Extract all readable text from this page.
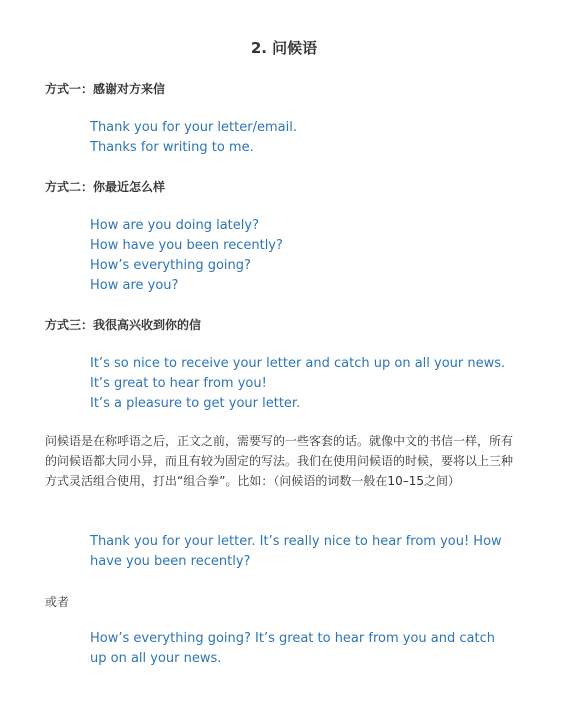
2. 问候语
方式一：感谢对方来信
Thank you for your letter/email.
Thanks for writing to me.
方式二：你最近怎么样
How are you doing lately?
How have you been recently?
How’s everything going?
How are you?
方式三：我很高兴收到你的信
It’s so nice to receive your letter and catch up on all your news.
It’s great to hear from you!
It’s a pleasure to get your letter.

问候语是在称呼语之后，正文之前，需要写的一些客套的话。就像中文的书信一样，所有的问候语都大同小异，而且有较为固定的写法。我们在使用问候语的时候，要将以上三种方式灵活组合使用，打出“组合拳”。比如：（问候语的词数一般在10–15之间）

Thank you for your letter. It’s really nice to hear from you! How have you been recently?

或者

How’s everything going? It’s great to hear from you and catch up on all your news.
